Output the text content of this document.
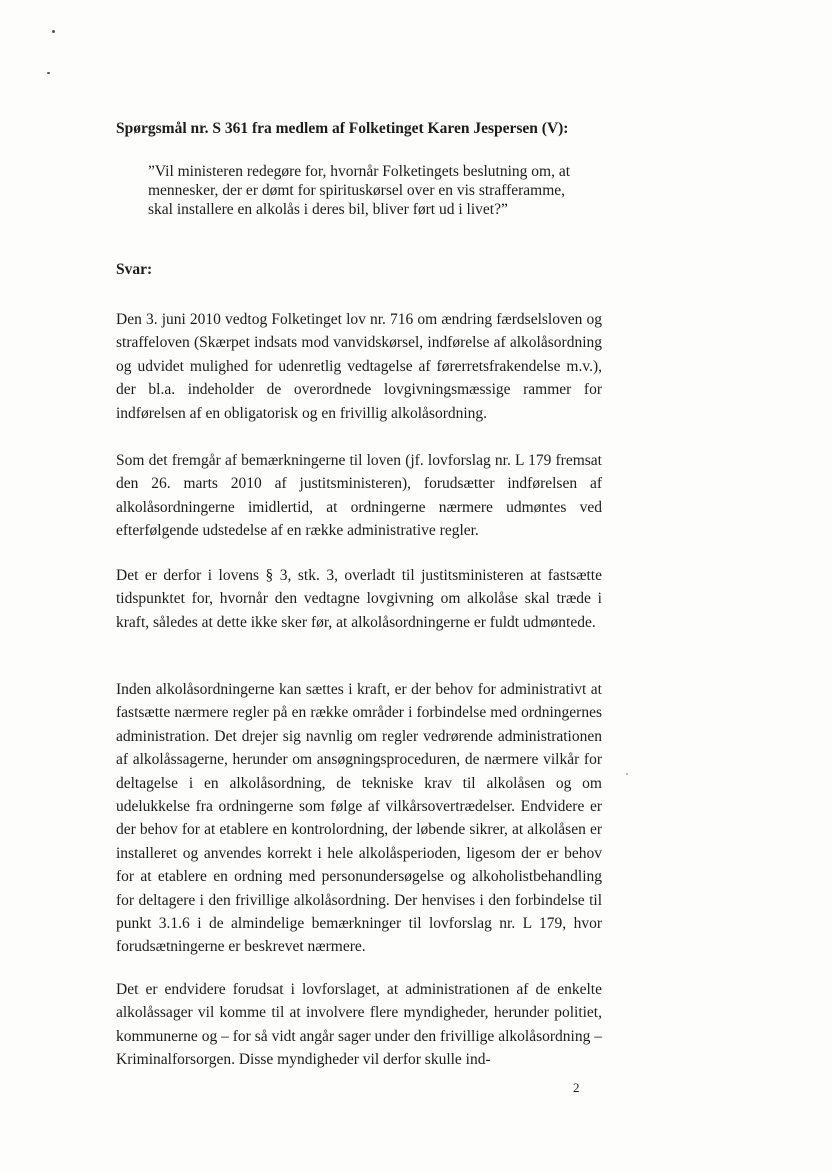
Spørgsmål nr. S 361 fra medlem af Folketinget Karen Jespersen (V):

”Vil ministeren redegøre for, hvornår Folketingets beslutning om, at mennesker, der er dømt for spirituskørsel over en vis strafferamme, skal installere en alkolås i deres bil, bliver ført ud i livet?”

Svar:

Den 3. juni 2010 vedtog Folketinget lov nr. 716 om ændring færdselsloven og straffeloven (Skærpet indsats mod vanvidskørsel, indførelse af alkolåsordning og udvidet mulighed for udenretlig vedtagelse af førerretsfrakendelse m.v.), der bl.a. indeholder de overordnede lovgivningsmæssige rammer for indførelsen af en obligatorisk og en frivillig alkolåsordning.

Som det fremgår af bemærkningerne til loven (jf. lovforslag nr. L 179 fremsat den 26. marts 2010 af justitsministeren), forudsætter indførelsen af alkolåsordningerne imidlertid, at ordningerne nærmere udmøntes ved efterfølgende udstedelse af en række administrative regler.

Det er derfor i lovens § 3, stk. 3, overladt til justitsministeren at fastsætte tidspunktet for, hvornår den vedtagne lovgivning om alkolåse skal træde i kraft, således at dette ikke sker før, at alkolåsordningerne er fuldt udmøntede.

Inden alkolåsordningerne kan sættes i kraft, er der behov for administrativt at fastsætte nærmere regler på en række områder i forbindelse med ordningernes administration. Det drejer sig navnlig om regler vedrørende administrationen af alkolåssagerne, herunder om ansøgningsproceduren, de nærmere vilkår for deltagelse i en alkolåsordning, de tekniske krav til alkolåsen og om udelukkelse fra ordningerne som følge af vilkårsovertrædelser. Endvidere er der behov for at etablere en kontrolordning, der løbende sikrer, at alkolåsen er installeret og anvendes korrekt i hele alkolåsperioden, ligesom der er behov for at etablere en ordning med personundersøgelse og alkoholistbehandling for deltagere i den frivillige alkolåsordning. Der henvises i den forbindelse til punkt 3.1.6 i de almindelige bemærkninger til lovforslag nr. L 179, hvor forudsætningerne er beskrevet nærmere.

Det er endvidere forudsat i lovforslaget, at administrationen af de enkelte alkolåssager vil komme til at involvere flere myndigheder, herunder politiet, kommunerne og – for så vidt angår sager under den frivillige alkolåsordning – Kriminalforsorgen. Disse myndigheder vil derfor skulle ind-

2
